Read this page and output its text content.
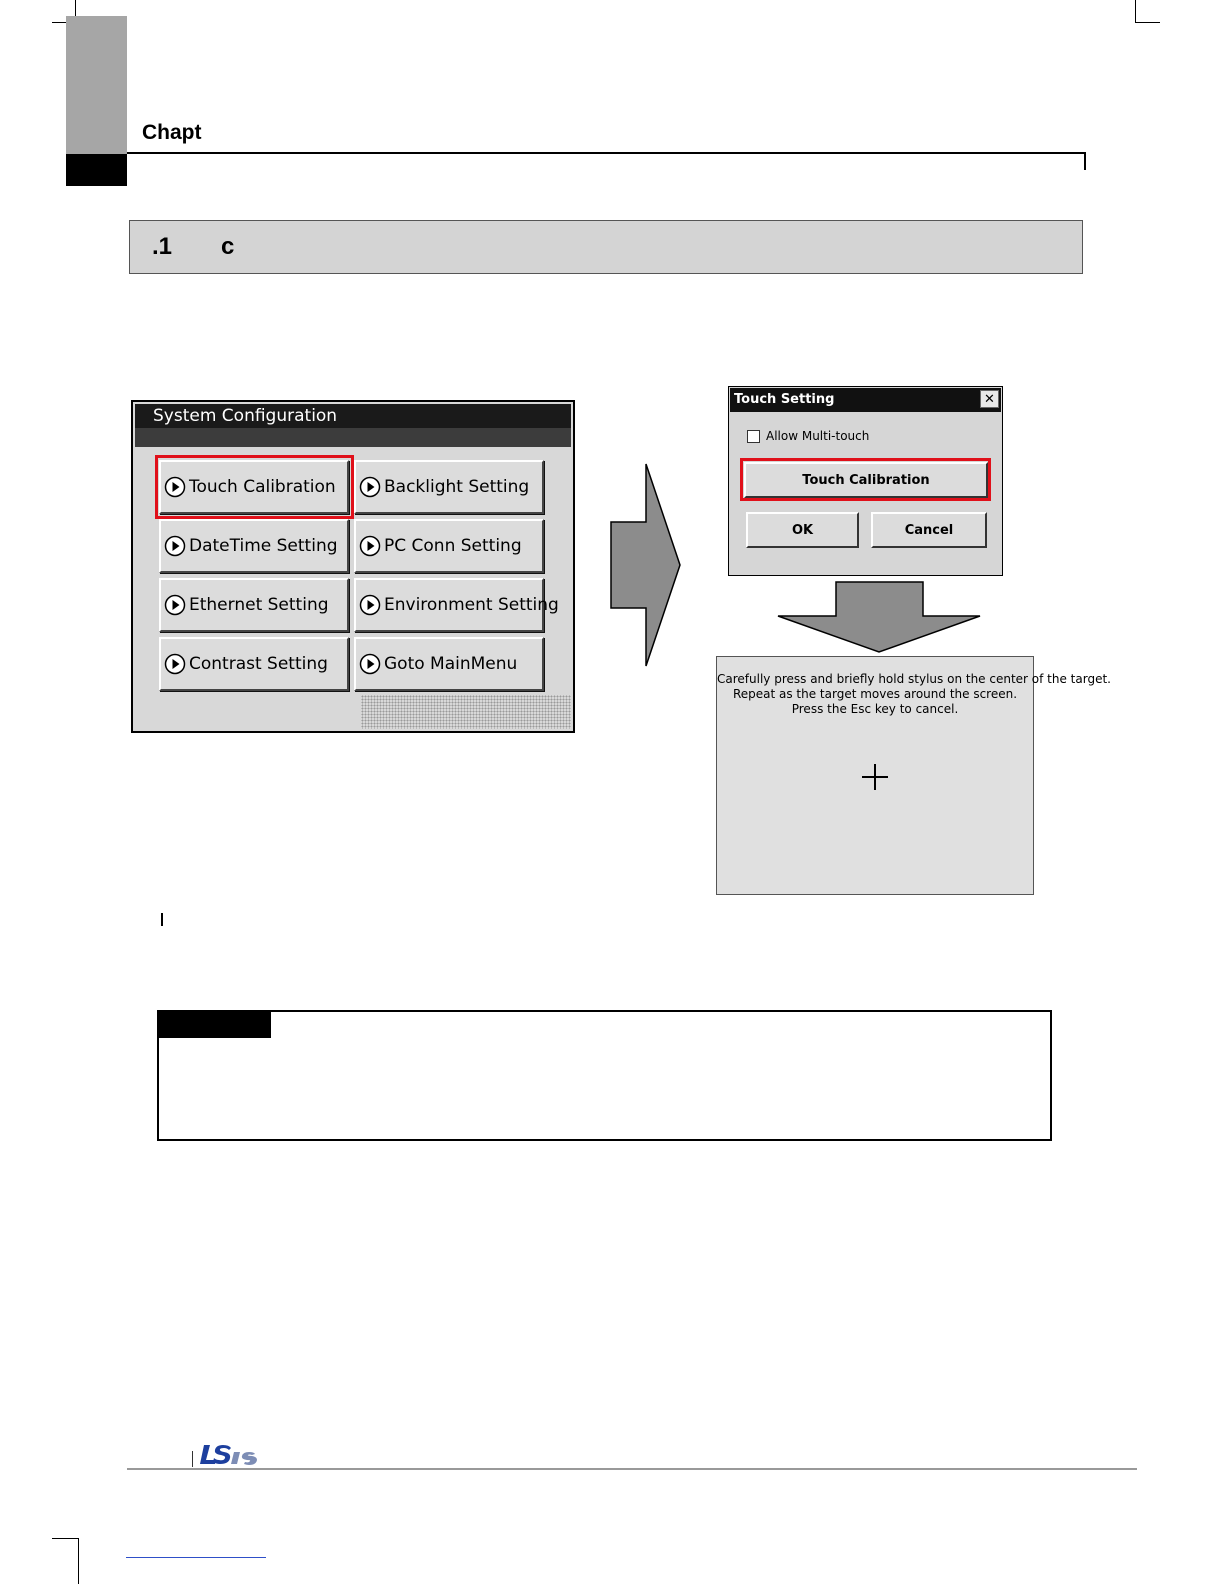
Chapt
.1 c
System Configuration
Touch Calibration	Backlight Setting
DateTime Setting	PC Conn Setting
Ethernet Setting	Environment Setting
Contrast Setting	Goto MainMenu
Touch Setting	✕
Allow Multi-touch
Touch Calibration
OK	Cancel
Carefully press and briefly hold stylus on the center of the target.
Repeat as the target moves around the screen.
Press the Esc key to cancel.
